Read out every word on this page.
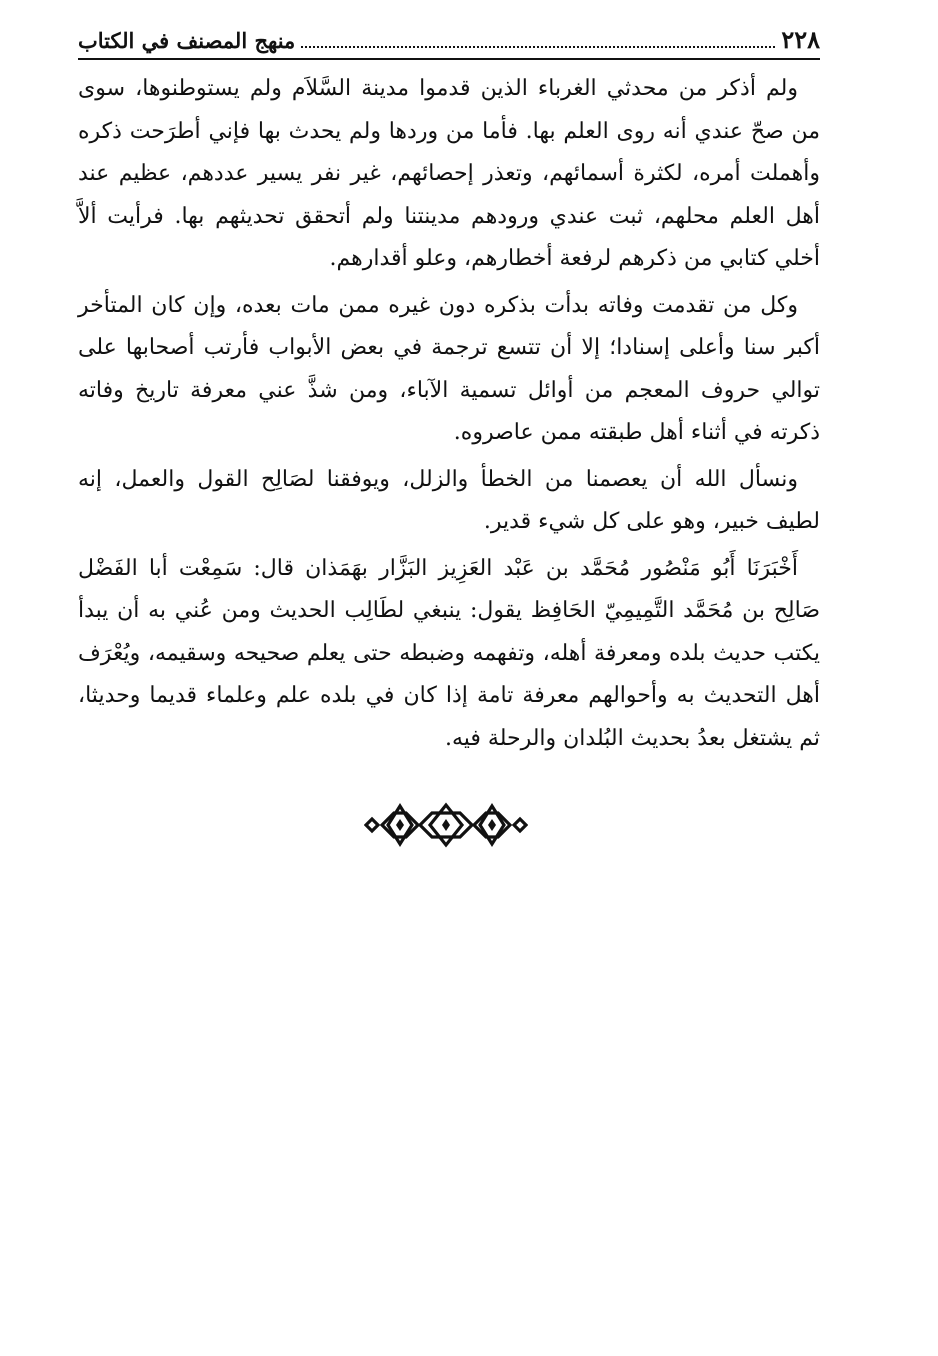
٢٢٨
منهج المصنف في الكتاب

ولم أذكر من محدثي الغرباء الذين قدموا مدينة السَّلاَم ولم يستوطنوها، سوى من صحّ عندي أنه روى العلم بها. فأما من وردها ولم يحدث بها فإني أطرَحت ذكره وأهملت أمره، لكثرة أسمائهم، وتعذر إحصائهم، غير نفر يسير عددهم، عظيم عند أهل العلم محلهم، ثبت عندي ورودهم مدينتنا ولم أتحقق تحديثهم بها. فرأيت ألاَّ أخلي كتابي من ذكرهم لرفعة أخطارهم، وعلو أقدارهم.

وكل من تقدمت وفاته بدأت بذكره دون غيره ممن مات بعده، وإن كان المتأخر أكبر سنا وأعلى إسنادا؛ إلا أن تتسع ترجمة في بعض الأبواب فأرتب أصحابها على توالي حروف المعجم من أوائل تسمية الآباء، ومن شذَّ عني معرفة تاريخ وفاته ذكرته في أثناء أهل طبقته ممن عاصروه.

ونسأل الله أن يعصمنا من الخطأ والزلل، ويوفقنا لصَالِح القول والعمل، إنه لطيف خبير، وهو على كل شيء قدير.

أَخْبَرَنَا أَبُو مَنْصُور مُحَمَّد بن عَبْد العَزِيز البَزَّار بهَمَذان قال: سَمِعْت أبا الفَضْل صَالِح بن مُحَمَّد التَّمِيمِيّ الحَافِظ يقول: ينبغي لطَالِب الحديث ومن عُني به أن يبدأ يكتب حديث بلده ومعرفة أهله، وتفهمه وضبطه حتى يعلم صحيحه وسقيمه، ويُعْرَف أهل التحديث به وأحوالهم معرفة تامة إذا كان في بلده علم وعلماء قديما وحديثا، ثم يشتغل بعدُ بحديث البُلدان والرحلة فيه.
